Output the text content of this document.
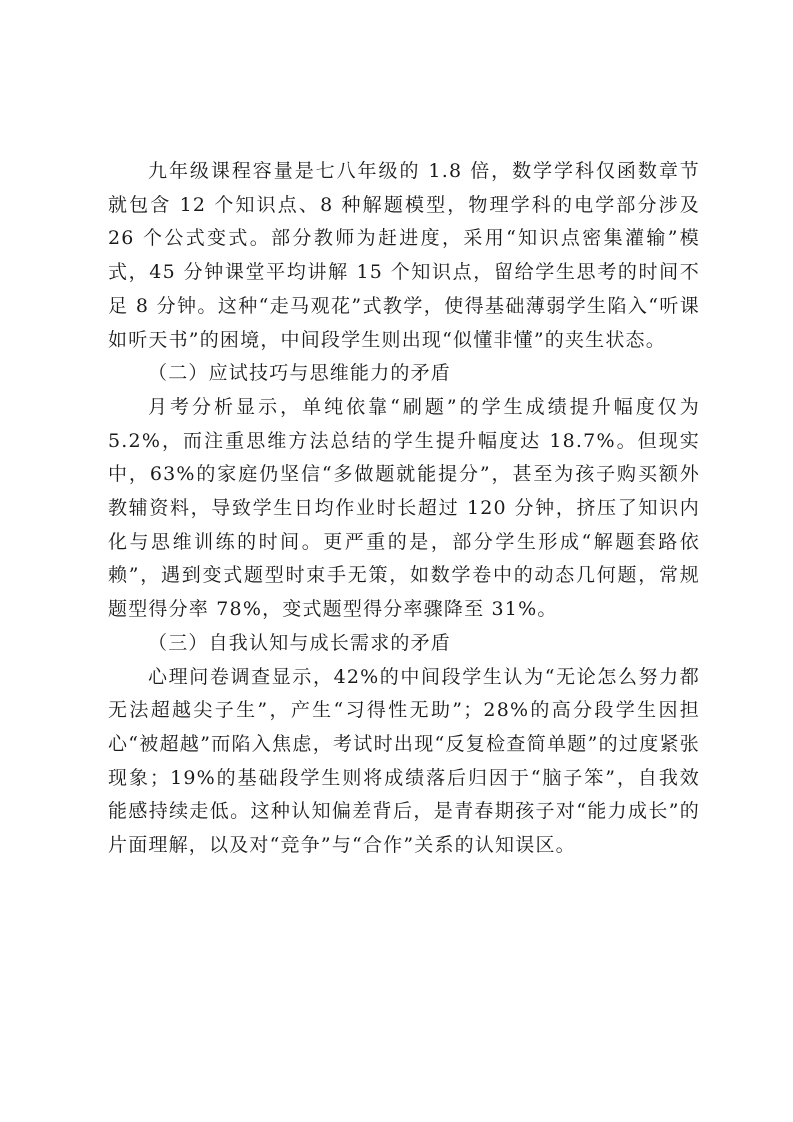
九年级课程容量是七八年级的 1.8 倍，数学学科仅函数章节就包含 12 个知识点、8 种解题模型，物理学科的电学部分涉及 26 个公式变式。部分教师为赶进度，采用“知识点密集灌输”模式，45 分钟课堂平均讲解 15 个知识点，留给学生思考的时间不足 8 分钟。这种“走马观花”式教学，使得基础薄弱学生陷入“听课如听天书”的困境，中间段学生则出现“似懂非懂”的夹生状态。

（二）应试技巧与思维能力的矛盾

月考分析显示，单纯依靠“刷题”的学生成绩提升幅度仅为 5.2%，而注重思维方法总结的学生提升幅度达 18.7%。但现实中，63%的家庭仍坚信“多做题就能提分”，甚至为孩子购买额外教辅资料，导致学生日均作业时长超过 120 分钟，挤压了知识内化与思维训练的时间。更严重的是，部分学生形成“解题套路依赖”，遇到变式题型时束手无策，如数学卷中的动态几何题，常规题型得分率 78%，变式题型得分率骤降至 31%。

（三）自我认知与成长需求的矛盾

心理问卷调查显示，42%的中间段学生认为“无论怎么努力都无法超越尖子生”，产生“习得性无助”；28%的高分段学生因担心“被超越”而陷入焦虑，考试时出现“反复检查简单题”的过度紧张现象；19%的基础段学生则将成绩落后归因于“脑子笨”，自我效能感持续走低。这种认知偏差背后，是青春期孩子对“能力成长”的片面理解，以及对“竞争”与“合作”关系的认知误区。
